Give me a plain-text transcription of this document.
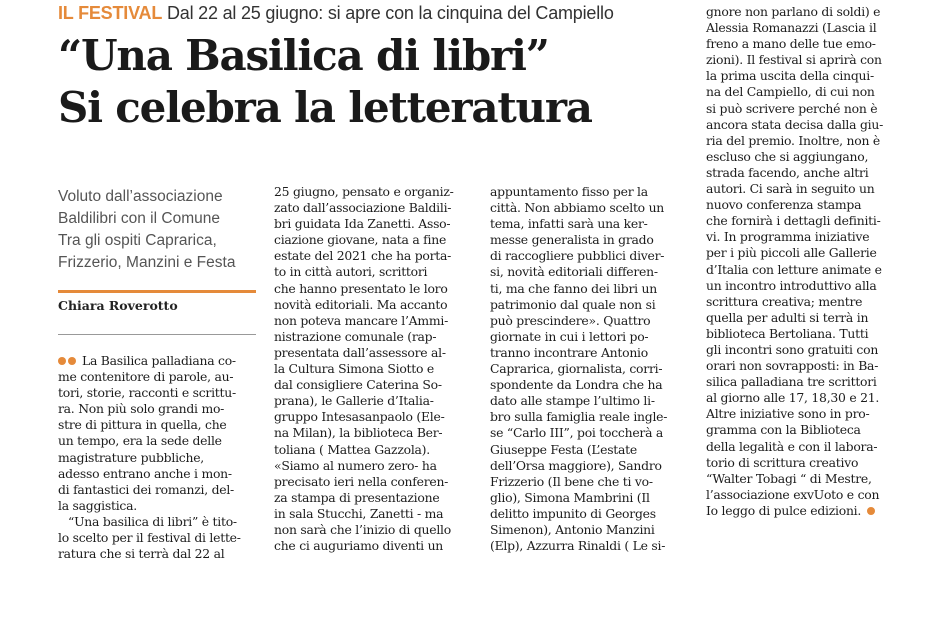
IL FESTIVAL Dal 22 al 25 giugno: si apre con la cinquina del Campiello
“Una Basilica di libri”
Si celebra la letteratura
Voluto dall’associazione
Baldilibri con il Comune
Tra gli ospiti Caprarica,
Frizzerio, Manzini e Festa
Chiara Roverotto
La Basilica palladiana co-
me contenitore di parole, au-
tori, storie, racconti e scrittu-
ra. Non più solo grandi mo-
stre di pittura in quella, che
un tempo, era la sede delle
magistrature pubbliche,
adesso entrano anche i mon-
di fantastici dei romanzi, del-
la saggistica.
“Una basilica di libri” è tito-
lo scelto per il festival di lette-
ratura che si terrà dal 22 al
25 giugno, pensato e organiz-
zato dall’associazione Baldili-
bri guidata Ida Zanetti. Asso-
ciazione giovane, nata a fine
estate del 2021 che ha porta-
to in città autori, scrittori
che hanno presentato le loro
novità editoriali. Ma accanto
non poteva mancare l’Ammi-
nistrazione comunale (rap-
presentata dall’assessore al-
la Cultura Simona Siotto e
dal consigliere Caterina So-
prana), le Gallerie d’Italia-
gruppo Intesasanpaolo (Ele-
na Milan), la biblioteca Ber-
toliana ( Mattea Gazzola).
«Siamo al numero zero- ha
precisato ieri nella conferen-
za stampa di presentazione
in sala Stucchi, Zanetti - ma
non sarà che l’inizio di quello
che ci auguriamo diventi un
appuntamento fisso per la
città. Non abbiamo scelto un
tema, infatti sarà una ker-
messe generalista in grado
di raccogliere pubblici diver-
si, novità editoriali differen-
ti, ma che fanno dei libri un
patrimonio dal quale non si
può prescindere». Quattro
giornate in cui i lettori po-
tranno incontrare Antonio
Caprarica, giornalista, corri-
spondente da Londra che ha
dato alle stampe l’ultimo li-
bro sulla famiglia reale ingle-
se “Carlo III”, poi toccherà a
Giuseppe Festa (L’estate
dell’Orsa maggiore), Sandro
Frizzerio (Il bene che ti vo-
glio), Simona Mambrini (Il
delitto impunito di Georges
Simenon), Antonio Manzini
(Elp), Azzurra Rinaldi ( Le si-
gnore non parlano di soldi) e
Alessia Romanazzi (Lascia il
freno a mano delle tue emo-
zioni). Il festival si aprirà con
la prima uscita della cinqui-
na del Campiello, di cui non
si può scrivere perché non è
ancora stata decisa dalla giu-
ria del premio. Inoltre, non è
escluso che si aggiungano,
strada facendo, anche altri
autori. Ci sarà in seguito un
nuovo conferenza stampa
che fornirà i dettagli definiti-
vi. In programma iniziative
per i più piccoli alle Gallerie
d’Italia con letture animate e
un incontro introduttivo alla
scrittura creativa; mentre
quella per adulti si terrà in
biblioteca Bertoliana. Tutti
gli incontri sono gratuiti con
orari non sovrapposti: in Ba-
silica palladiana tre scrittori
al giorno alle 17, 18,30 e 21.
Altre iniziative sono in pro-
gramma con la Biblioteca
della legalità e con il labora-
torio di scrittura creativo
“Walter Tobagi “ di Mestre,
l’associazione exvUoto e con
Io leggo di pulce edizioni.
